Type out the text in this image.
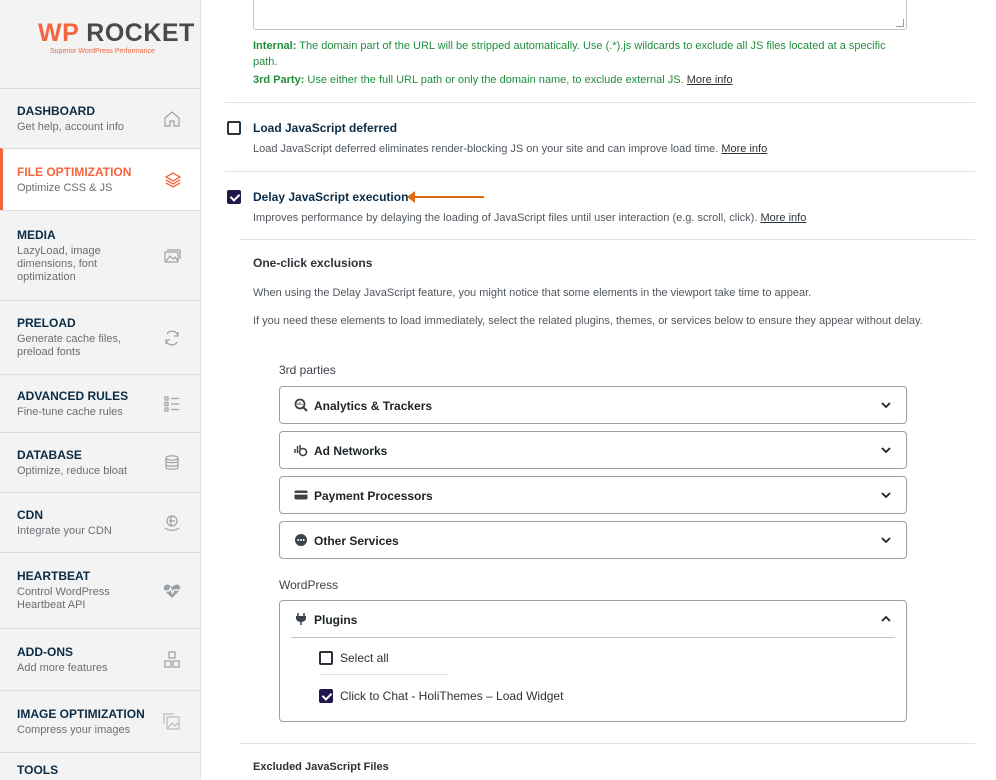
WP ROCKET
Superior WordPress Performance
DASHBOARD
Get help, account info
FILE OPTIMIZATION
Optimize CSS & JS
MEDIA
LazyLoad, image dimensions, font optimization
PRELOAD
Generate cache files, preload fonts
ADVANCED RULES
Fine-tune cache rules
DATABASE
Optimize, reduce bloat
CDN
Integrate your CDN
HEARTBEAT
Control WordPress Heartbeat API
ADD-ONS
Add more features
IMAGE OPTIMIZATION
Compress your images
TOOLS
Internal: The domain part of the URL will be stripped automatically. Use (.*).js wildcards to exclude all JS files located at a specific path.
3rd Party: Use either the full URL path or only the domain name, to exclude external JS. More info
Load JavaScript deferred
Load JavaScript deferred eliminates render-blocking JS on your site and can improve load time. More info
Delay JavaScript execution
Improves performance by delaying the loading of JavaScript files until user interaction (e.g. scroll, click). More info
One-click exclusions
When using the Delay JavaScript feature, you might notice that some elements in the viewport take time to appear.
If you need these elements to load immediately, select the related plugins, themes, or services below to ensure they appear without delay.
3rd parties
Analytics & Trackers
Ad Networks
Payment Processors
Other Services
WordPress
Plugins
Select all
Click to Chat - HoliThemes – Load Widget
Excluded JavaScript Files
